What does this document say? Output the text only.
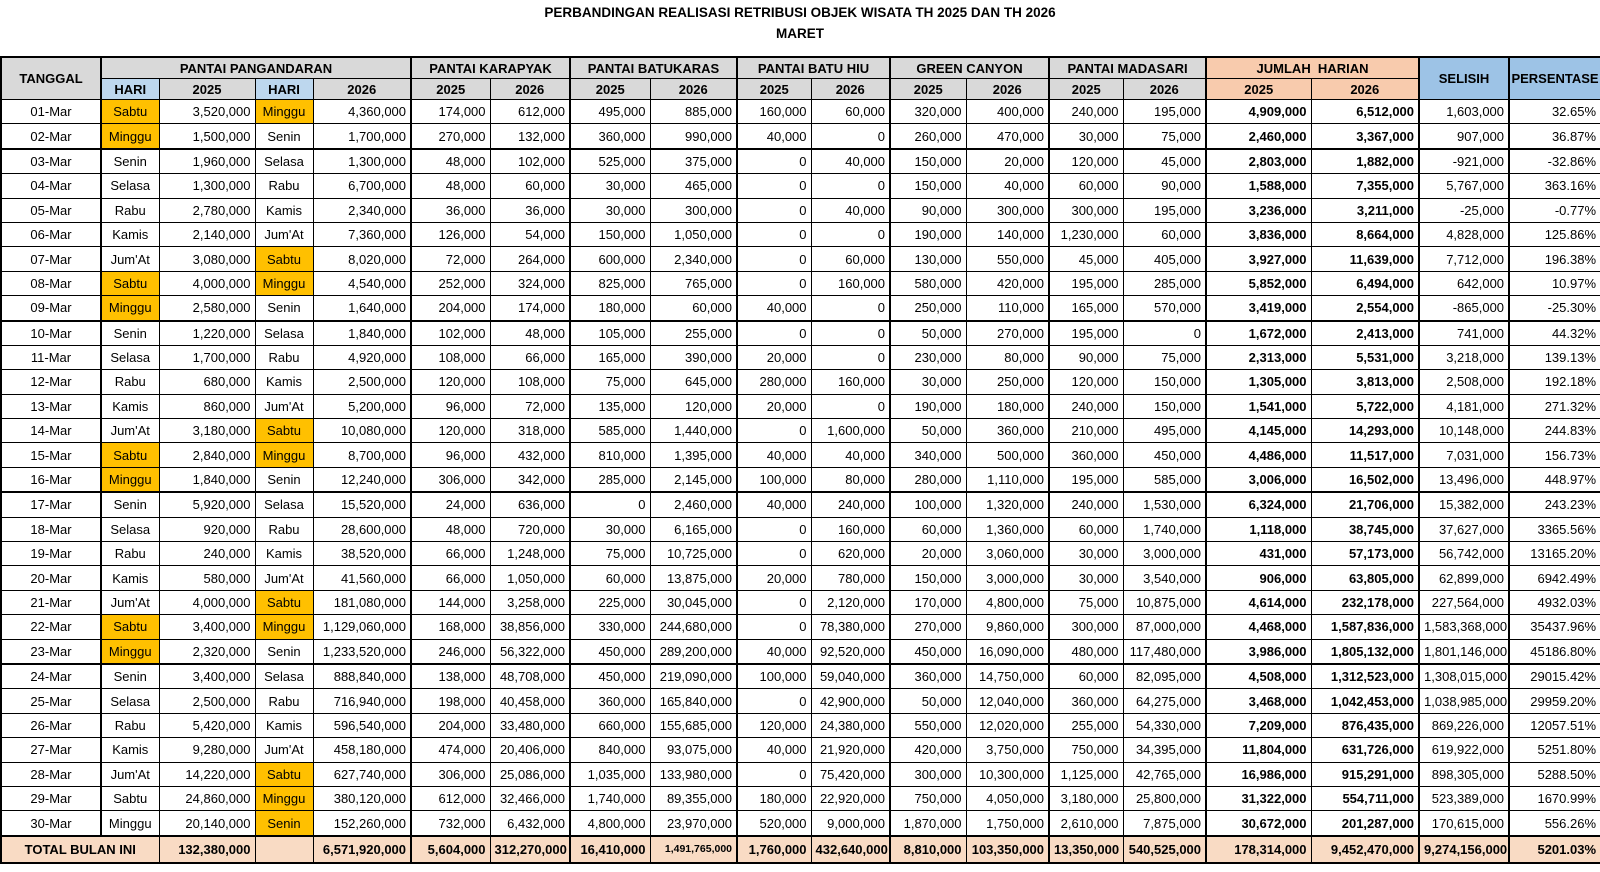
PERBANDINGAN REALISASI RETRIBUSI OBJEK WISATA TH 2025 DAN TH 2026
MARET
TANGGAL	PANTAI PANGANDARAN				PANTAI KARAPYAK		PANTAI BATUKARAS		PANTAI BATU HIU		GREEN CANYON		PANTAI MADASARI		JUMLAH  HARIAN		SELISIH	PERSENTASE
	HARI	2025	HARI	2026	2025	2026	2025	2026	2025	2026	2025	2026	2025	2026	2025	2026		
01-Mar	Sabtu	3,520,000	Minggu	4,360,000	174,000	612,000	495,000	885,000	160,000	60,000	320,000	400,000	240,000	195,000	4,909,000	6,512,000	1,603,000	32.65%
02-Mar	Minggu	1,500,000	Senin	1,700,000	270,000	132,000	360,000	990,000	40,000	0	260,000	470,000	30,000	75,000	2,460,000	3,367,000	907,000	36.87%
03-Mar	Senin	1,960,000	Selasa	1,300,000	48,000	102,000	525,000	375,000	0	40,000	150,000	20,000	120,000	45,000	2,803,000	1,882,000	-921,000	-32.86%
04-Mar	Selasa	1,300,000	Rabu	6,700,000	48,000	60,000	30,000	465,000	0	0	150,000	40,000	60,000	90,000	1,588,000	7,355,000	5,767,000	363.16%
05-Mar	Rabu	2,780,000	Kamis	2,340,000	36,000	36,000	30,000	300,000	0	40,000	90,000	300,000	300,000	195,000	3,236,000	3,211,000	-25,000	-0.77%
06-Mar	Kamis	2,140,000	Jum'At	7,360,000	126,000	54,000	150,000	1,050,000	0	0	190,000	140,000	1,230,000	60,000	3,836,000	8,664,000	4,828,000	125.86%
07-Mar	Jum'At	3,080,000	Sabtu	8,020,000	72,000	264,000	600,000	2,340,000	0	60,000	130,000	550,000	45,000	405,000	3,927,000	11,639,000	7,712,000	196.38%
08-Mar	Sabtu	4,000,000	Minggu	4,540,000	252,000	324,000	825,000	765,000	0	160,000	580,000	420,000	195,000	285,000	5,852,000	6,494,000	642,000	10.97%
09-Mar	Minggu	2,580,000	Senin	1,640,000	204,000	174,000	180,000	60,000	40,000	0	250,000	110,000	165,000	570,000	3,419,000	2,554,000	-865,000	-25.30%
10-Mar	Senin	1,220,000	Selasa	1,840,000	102,000	48,000	105,000	255,000	0	0	50,000	270,000	195,000	0	1,672,000	2,413,000	741,000	44.32%
11-Mar	Selasa	1,700,000	Rabu	4,920,000	108,000	66,000	165,000	390,000	20,000	0	230,000	80,000	90,000	75,000	2,313,000	5,531,000	3,218,000	139.13%
12-Mar	Rabu	680,000	Kamis	2,500,000	120,000	108,000	75,000	645,000	280,000	160,000	30,000	250,000	120,000	150,000	1,305,000	3,813,000	2,508,000	192.18%
13-Mar	Kamis	860,000	Jum'At	5,200,000	96,000	72,000	135,000	120,000	20,000	0	190,000	180,000	240,000	150,000	1,541,000	5,722,000	4,181,000	271.32%
14-Mar	Jum'At	3,180,000	Sabtu	10,080,000	120,000	318,000	585,000	1,440,000	0	1,600,000	50,000	360,000	210,000	495,000	4,145,000	14,293,000	10,148,000	244.83%
15-Mar	Sabtu	2,840,000	Minggu	8,700,000	96,000	432,000	810,000	1,395,000	40,000	40,000	340,000	500,000	360,000	450,000	4,486,000	11,517,000	7,031,000	156.73%
16-Mar	Minggu	1,840,000	Senin	12,240,000	306,000	342,000	285,000	2,145,000	100,000	80,000	280,000	1,110,000	195,000	585,000	3,006,000	16,502,000	13,496,000	448.97%
17-Mar	Senin	5,920,000	Selasa	15,520,000	24,000	636,000	0	2,460,000	40,000	240,000	100,000	1,320,000	240,000	1,530,000	6,324,000	21,706,000	15,382,000	243.23%
18-Mar	Selasa	920,000	Rabu	28,600,000	48,000	720,000	30,000	6,165,000	0	160,000	60,000	1,360,000	60,000	1,740,000	1,118,000	38,745,000	37,627,000	3365.56%
19-Mar	Rabu	240,000	Kamis	38,520,000	66,000	1,248,000	75,000	10,725,000	0	620,000	20,000	3,060,000	30,000	3,000,000	431,000	57,173,000	56,742,000	13165.20%
20-Mar	Kamis	580,000	Jum'At	41,560,000	66,000	1,050,000	60,000	13,875,000	20,000	780,000	150,000	3,000,000	30,000	3,540,000	906,000	63,805,000	62,899,000	6942.49%
21-Mar	Jum'At	4,000,000	Sabtu	181,080,000	144,000	3,258,000	225,000	30,045,000	0	2,120,000	170,000	4,800,000	75,000	10,875,000	4,614,000	232,178,000	227,564,000	4932.03%
22-Mar	Sabtu	3,400,000	Minggu	1,129,060,000	168,000	38,856,000	330,000	244,680,000	0	78,380,000	270,000	9,860,000	300,000	87,000,000	4,468,000	1,587,836,000	1,583,368,000	35437.96%
23-Mar	Minggu	2,320,000	Senin	1,233,520,000	246,000	56,322,000	450,000	289,200,000	40,000	92,520,000	450,000	16,090,000	480,000	117,480,000	3,986,000	1,805,132,000	1,801,146,000	45186.80%
24-Mar	Senin	3,400,000	Selasa	888,840,000	138,000	48,708,000	450,000	219,090,000	100,000	59,040,000	360,000	14,750,000	60,000	82,095,000	4,508,000	1,312,523,000	1,308,015,000	29015.42%
25-Mar	Selasa	2,500,000	Rabu	716,940,000	198,000	40,458,000	360,000	165,840,000	0	42,900,000	50,000	12,040,000	360,000	64,275,000	3,468,000	1,042,453,000	1,038,985,000	29959.20%
26-Mar	Rabu	5,420,000	Kamis	596,540,000	204,000	33,480,000	660,000	155,685,000	120,000	24,380,000	550,000	12,020,000	255,000	54,330,000	7,209,000	876,435,000	869,226,000	12057.51%
27-Mar	Kamis	9,280,000	Jum'At	458,180,000	474,000	20,406,000	840,000	93,075,000	40,000	21,920,000	420,000	3,750,000	750,000	34,395,000	11,804,000	631,726,000	619,922,000	5251.80%
28-Mar	Jum'At	14,220,000	Sabtu	627,740,000	306,000	25,086,000	1,035,000	133,980,000	0	75,420,000	300,000	10,300,000	1,125,000	42,765,000	16,986,000	915,291,000	898,305,000	5288.50%
29-Mar	Sabtu	24,860,000	Minggu	380,120,000	612,000	32,466,000	1,740,000	89,355,000	180,000	22,920,000	750,000	4,050,000	3,180,000	25,800,000	31,322,000	554,711,000	523,389,000	1670.99%
30-Mar	Minggu	20,140,000	Senin	152,260,000	732,000	6,432,000	4,800,000	23,970,000	520,000	9,000,000	1,870,000	1,750,000	2,610,000	7,875,000	30,672,000	201,287,000	170,615,000	556.26%
TOTAL BULAN INI		132,380,000		6,571,920,000	5,604,000	312,270,000	16,410,000	1,491,765,000	1,760,000	432,640,000	8,810,000	103,350,000	13,350,000	540,525,000	178,314,000	9,452,470,000	9,274,156,000	5201.03%
